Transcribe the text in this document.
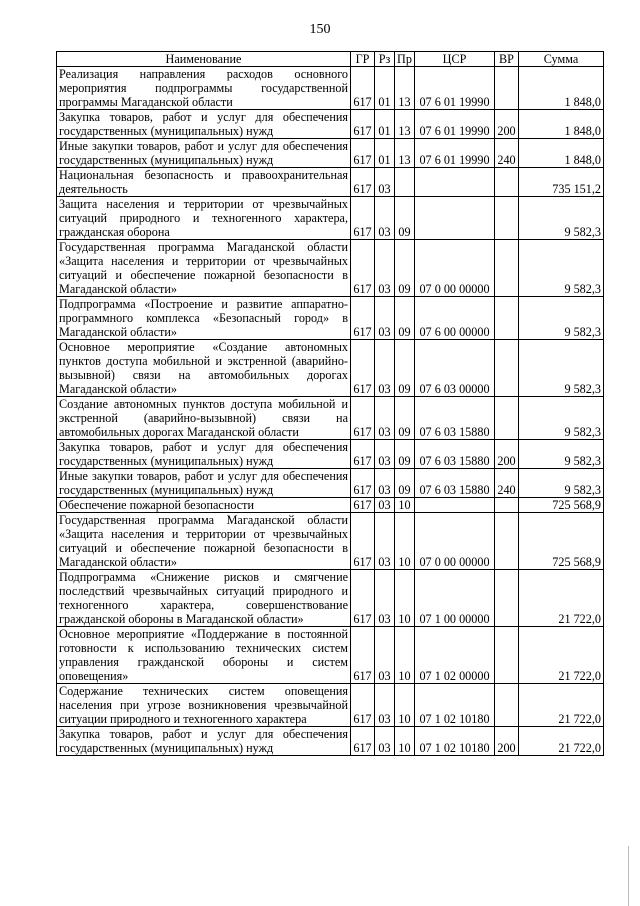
150
Наименование	ГР	Рз	Пр	ЦСР	ВР	Сумма
Реализация направления расходов основного мероприятия подпрограммы государственной программы Магаданской области	617	01	13	07 6 01 19990		1 848,0
Закупка товаров, работ и услуг для обеспечения государственных (муниципальных) нужд	617	01	13	07 6 01 19990	200	1 848,0
Иные закупки товаров, работ и услуг для обеспечения государственных (муниципальных) нужд	617	01	13	07 6 01 19990	240	1 848,0
Национальная безопасность и правоохранительная деятельность	617	03				735 151,2
Защита населения и территории от чрезвычайных ситуаций природного и техногенного характера, гражданская оборона	617	03	09			9 582,3
Государственная программа Магаданской области «Защита населения и территории от чрезвычайных ситуаций и обеспечение пожарной безопасности в Магаданской области»	617	03	09	07 0 00 00000		9 582,3
Подпрограмма «Построение и развитие аппаратно-программного комплекса «Безопасный город» в Магаданской области»	617	03	09	07 6 00 00000		9 582,3
Основное мероприятие «Создание автономных пунктов доступа мобильной и экстренной (аварийно-вызывной) связи на автомобильных дорогах Магаданской области»	617	03	09	07 6 03 00000		9 582,3
Создание автономных пунктов доступа мобильной и экстренной (аварийно-вызывной) связи на автомобильных дорогах Магаданской области	617	03	09	07 6 03 15880		9 582,3
Закупка товаров, работ и услуг для обеспечения государственных (муниципальных) нужд	617	03	09	07 6 03 15880	200	9 582,3
Иные закупки товаров, работ и услуг для обеспечения государственных (муниципальных) нужд	617	03	09	07 6 03 15880	240	9 582,3
Обеспечение пожарной безопасности	617	03	10			725 568,9
Государственная программа Магаданской области «Защита населения и территории от чрезвычайных ситуаций и обеспечение пожарной безопасности в Магаданской области»	617	03	10	07 0 00 00000		725 568,9
Подпрограмма «Снижение рисков и смягчение последствий чрезвычайных ситуаций природного и техногенного характера, совершенствование гражданской обороны в Магаданской области»	617	03	10	07 1 00 00000		21 722,0
Основное мероприятие «Поддержание в постоянной готовности к использованию технических систем управления гражданской обороны и систем оповещения»	617	03	10	07 1 02 00000		21 722,0
Содержание технических систем оповещения населения при угрозе возникновения чрезвычайной ситуации природного и техногенного характера	617	03	10	07 1 02 10180		21 722,0
Закупка товаров, работ и услуг для обеспечения государственных (муниципальных) нужд	617	03	10	07 1 02 10180	200	21 722,0
